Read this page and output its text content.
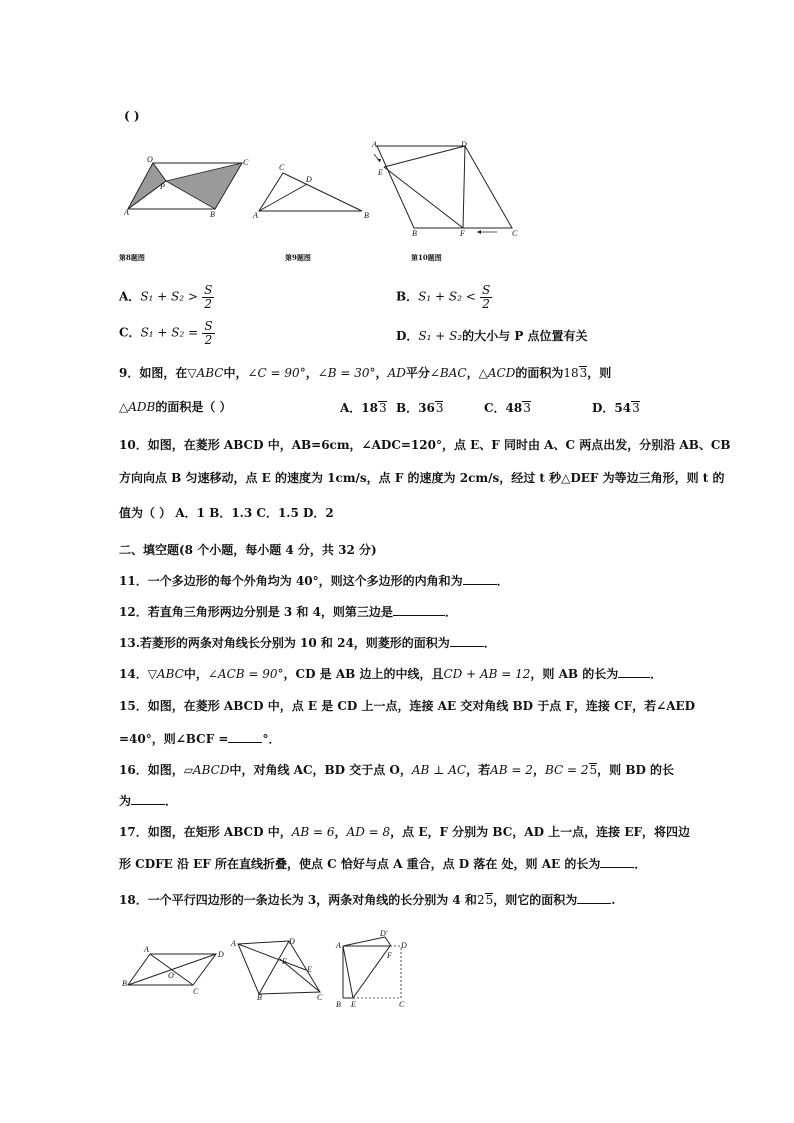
( )
O	C
P
A	B
第8题图
C
D
A	B
第9题图
A	D
E
B	F	C
第10题图
A．$S_1 + S_2 > \frac{S}{2}$	B．$S_1 + S_2 < \frac{S}{2}$
C．$S_1 + S_2 = \frac{S}{2}$	D．S₁ + S₂的大小与 P 点位置有关
9．如图，在▽ABC中，∠C = 90°，∠B = 30°，AD平分∠BAC，△ACD的面积为183，则
△ADB的面积是（ ）	A．183 B．363	C．483	D．543
10．如图，在菱形 ABCD 中，AB=6cm，∠ADC=120°，点 E、F 同时由 A、C 两点出发，分别沿 AB、CB
方向向点 B 匀速移动，点 E 的速度为 1cm/s，点 F 的速度为 2cm/s，经过 t 秒△DEF 为等边三角形，则 t 的
值为（ ） A．1 B．1.3 C．1.5 D．2
二、填空题(8 个小题，每小题 4 分，共 32 分)
11．一个多边形的每个外角均为 40°，则这个多边形的内角和为	．
12．若直角三角形两边分别是 3 和 4，则第三边是	．
13.若菱形的两条对角线长分别为 10 和 24，则菱形的面积为	．
14．▽ABC中，∠ACB = 90°，CD 是 AB 边上的中线，且CD + AB = 12，则 AB 的长为	．
15．如图，在菱形 ABCD 中，点 E 是 CD 上一点，连接 AE 交对角线 BD 于点 F，连接 CF，若∠AED
=40°，则∠BCF =	°．
16．如图，▱ABCD中，对角线 AC，BD 交于点 O，AB ⊥ AC，若AB = 2，BC = 25，则 BD 的长
为	．
17．如图，在矩形 ABCD 中，AB = 6，AD = 8，点 E，F 分别为 BC，AD 上一点，连接 EF，将四边
形 CDFE 沿 EF 所在直线折叠，使点 C 恰好与点 A 重合，点 D 落在 处，则 AE 的长为	．
18．一个平行四边形的一条边长为 3，两条对角线的长分别为 4 和25，则它的面积为	.
A
D
O
B
C
A	D
F
E
B	C
A
D'
D
F
B E	C
